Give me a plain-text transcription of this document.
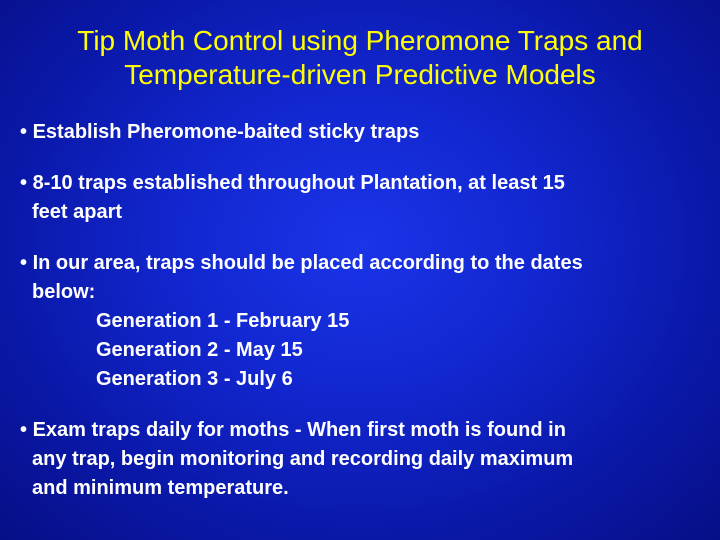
Tip Moth Control using Pheromone Traps and
Temperature-driven Predictive Models
• Establish Pheromone-baited sticky traps
• 8-10 traps established throughout Plantation, at least 15
feet apart
• In our area, traps should be placed according to the dates
below:
Generation 1 - February 15
Generation 2 - May 15
Generation 3 - July 6
• Exam traps daily for moths - When first moth is found in
any trap, begin monitoring and recording daily maximum
and minimum temperature.
